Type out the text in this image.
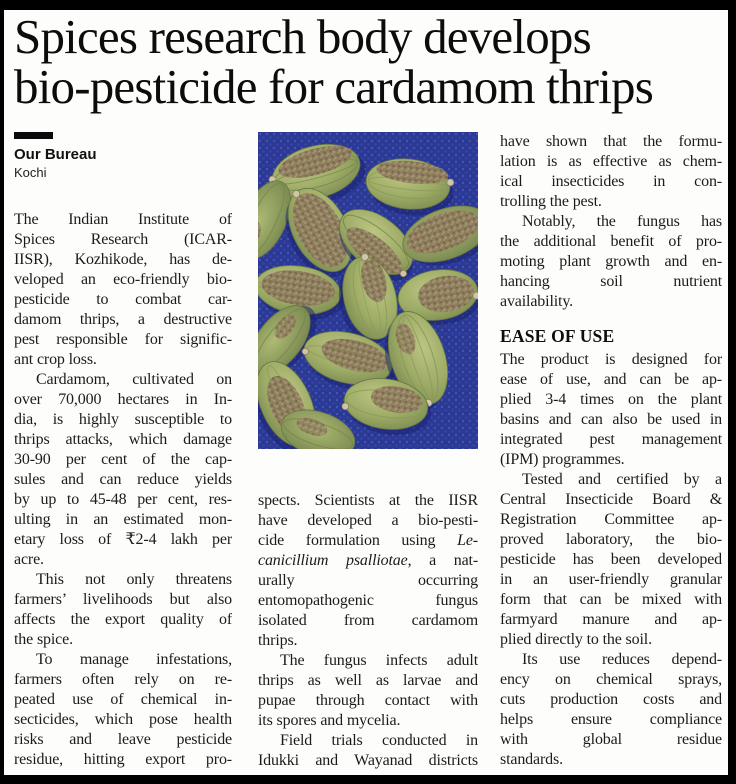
Spices research body develops
bio-pesticide for cardamom thrips
Our Bureau
Kochi
The Indian Institute of
Spices Research (ICAR-
IISR), Kozhikode, has de-
veloped an eco-friendly bio-
pesticide to combat car-
damom thrips, a destructive
pest responsible for signific-
ant crop loss.
Cardamom, cultivated on
over 70,000 hectares in In-
dia, is highly susceptible to
thrips attacks, which damage
30-90 per cent of the cap-
sules and can reduce yields
by up to 45-48 per cent, res-
ulting in an estimated mon-
etary loss of ₹2-4 lakh per
acre.
This not only threatens
farmers’ livelihoods but also
affects the export quality of
the spice.
To manage infestations,
farmers often rely on re-
peated use of chemical in-
secticides, which pose health
risks and leave pesticide
residue, hitting export pro-
spects. Scientists at the IISR
have developed a bio-pesti-
cide formulation using Le-
canicillium psalliotae, a nat-
urally occurring
entomopathogenic fungus
isolated from cardamom
thrips.
The fungus infects adult
thrips as well as larvae and
pupae through contact with
its spores and mycelia.
Field trials conducted in
Idukki and Wayanad districts
have shown that the formu-
lation is as effective as chem-
ical insecticides in con-
trolling the pest.
Notably, the fungus has
the additional benefit of pro-
moting plant growth and en-
hancing soil nutrient
availability.
EASE OF USE
The product is designed for
ease of use, and can be ap-
plied 3-4 times on the plant
basins and can also be used in
integrated pest management
(IPM) programmes.
Tested and certified by a
Central Insecticide Board &
Registration Committee ap-
proved laboratory, the bio-
pesticide has been developed
in an user-friendly granular
form that can be mixed with
farmyard manure and ap-
plied directly to the soil.
Its use reduces depend-
ency on chemical sprays,
cuts production costs and
helps ensure compliance
with global residue
standards.
